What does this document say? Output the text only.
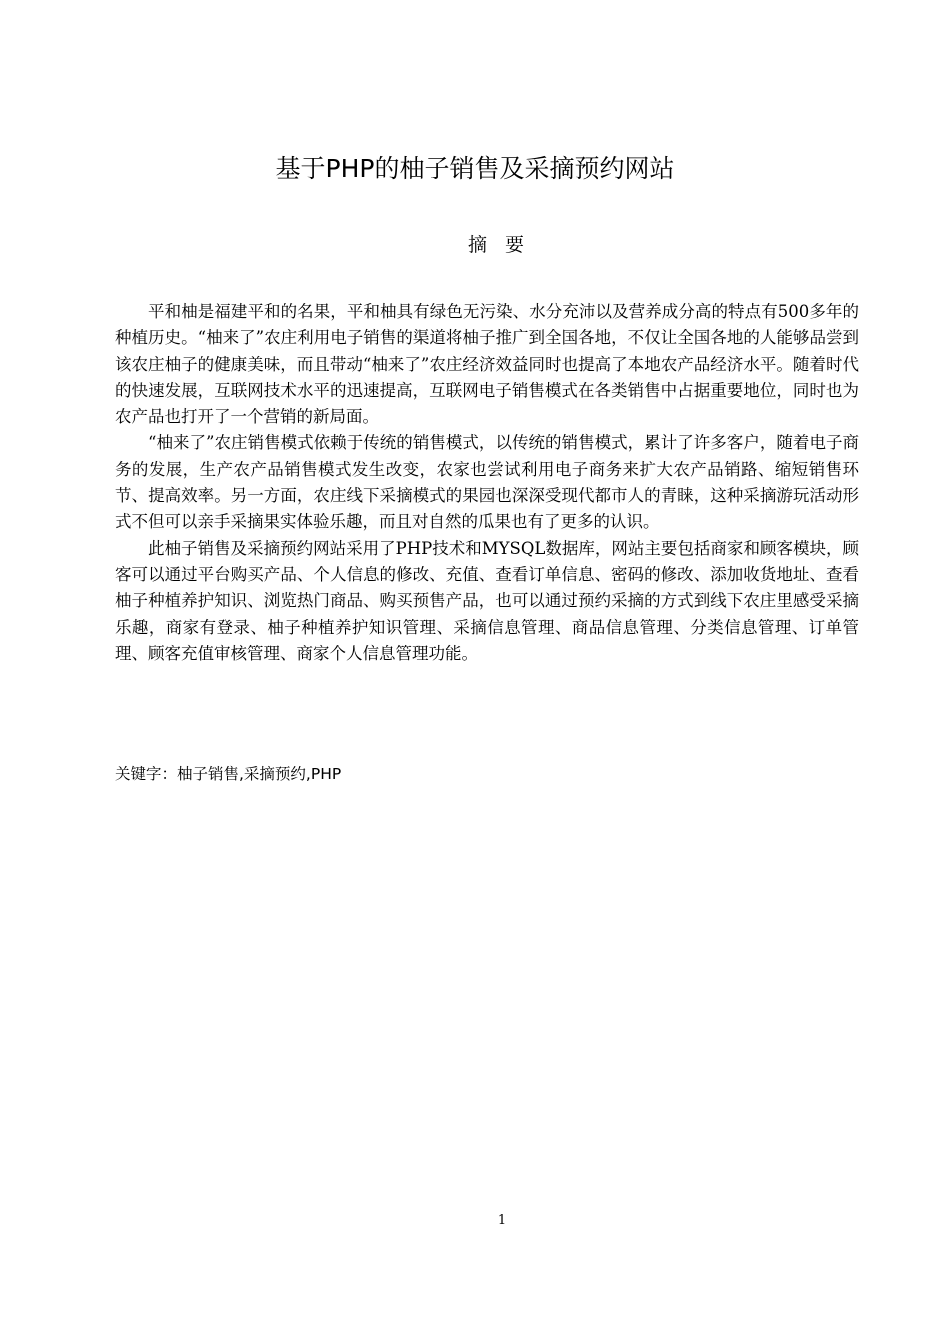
基于PHP的柚子销售及采摘预约网站
摘要

平和柚是福建平和的名果，平和柚具有绿色无污染、水分充沛以及营养成分高的特点有500多年的种植历史。“柚来了”农庄利用电子销售的渠道将柚子推广到全国各地，不仅让全国各地的人能够品尝到该农庄柚子的健康美味，而且带动“柚来了”农庄经济效益同时也提高了本地农产品经济水平。随着时代的快速发展，互联网技术水平的迅速提高，互联网电子销售模式在各类销售中占据重要地位，同时也为农产品也打开了一个营销的新局面。

“柚来了”农庄销售模式依赖于传统的销售模式，以传统的销售模式，累计了许多客户，随着电子商务的发展，生产农产品销售模式发生改变，农家也尝试利用电子商务来扩大农产品销路、缩短销售环节、提高效率。另一方面，农庄线下采摘模式的果园也深深受现代都市人的青睐，这种采摘游玩活动形式不但可以亲手采摘果实体验乐趣，而且对自然的瓜果也有了更多的认识。

此柚子销售及采摘预约网站采用了PHP技术和MYSQL数据库，网站主要包括商家和顾客模块，顾客可以通过平台购买产品、个人信息的修改、充值、查看订单信息、密码的修改、添加收货地址、查看柚子种植养护知识、浏览热门商品、购买预售产品，也可以通过预约采摘的方式到线下农庄里感受采摘乐趣，商家有登录、柚子种植养护知识管理、采摘信息管理、商品信息管理、分类信息管理、订单管理、顾客充值审核管理、商家个人信息管理功能。

关键字：柚子销售,采摘预约,PHP

1
